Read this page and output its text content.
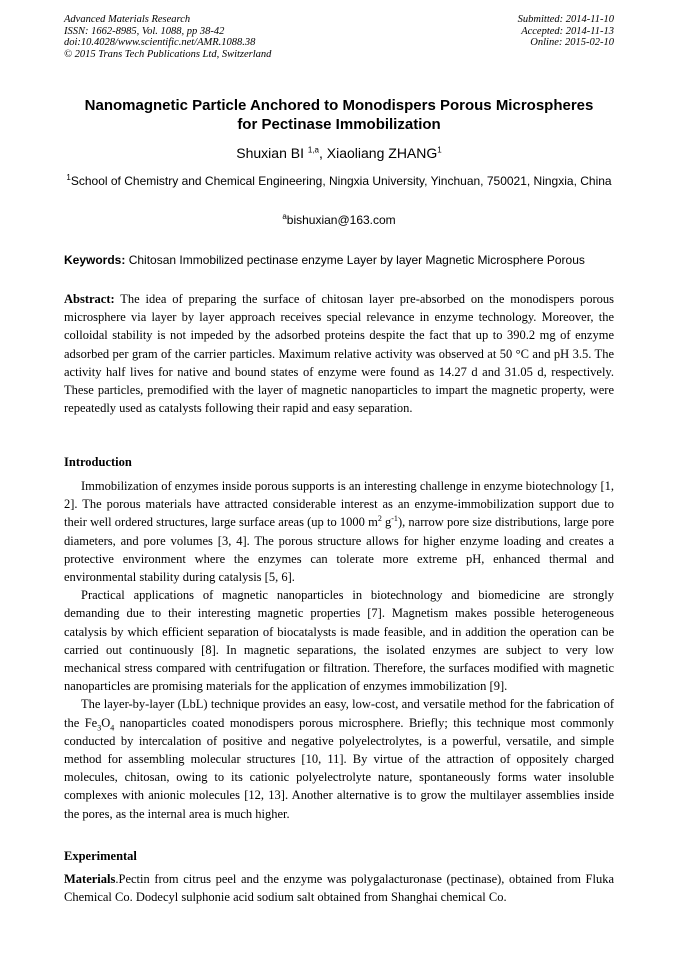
Advanced Materials Research
ISSN: 1662-8985, Vol. 1088, pp 38-42
doi:10.4028/www.scientific.net/AMR.1088.38
© 2015 Trans Tech Publications Ltd, Switzerland
Submitted: 2014-11-10
Accepted: 2014-11-13
Online: 2015-02-10
Nanomagnetic Particle Anchored to Monodispers Porous Microspheres
for Pectinase Immobilization
Shuxian BI $^{1,a}$, Xiaoliang ZHANG$^1$
$^1$School of Chemistry and Chemical Engineering, Ningxia University, Yinchuan, 750021, Ningxia, China
$^a$bishuxian@163.com
Keywords: Chitosan Immobilized pectinase enzyme Layer by layer Magnetic Microsphere Porous

Abstract: The idea of preparing the surface of chitosan layer pre-absorbed on the monodispers porous microsphere via layer by layer approach receives special relevance in enzyme technology. Moreover, the colloidal stability is not impeded by the adsorbed proteins despite the fact that up to 390.2 mg of enzyme adsorbed per gram of the carrier particles. Maximum relative activity was observed at 50 °C and pH 3.5. The activity half lives for native and bound states of enzyme were found as 14.27 d and 31.05 d, respectively. These particles, premodified with the layer of magnetic nanoparticles to impart the magnetic property, were repeatedly used as catalysts following their rapid and easy separation.

Introduction

Immobilization of enzymes inside porous supports is an interesting challenge in enzyme biotechnology [1, 2]. The porous materials have attracted considerable interest as an enzyme-immobilization support due to their well ordered structures, large surface areas (up to 1000 $m^2$ $g^{-1}$), narrow pore size distributions, large pore diameters, and pore volumes [3, 4]. The porous structure allows for higher enzyme loading and creates a protective environment where the enzymes can tolerate more extreme pH, enhanced thermal and environmental stability during catalysis [5, 6].

Practical applications of magnetic nanoparticles in biotechnology and biomedicine are strongly demanding due to their interesting magnetic properties [7]. Magnetism makes possible heterogeneous catalysis by which efficient separation of biocatalysts is made feasible, and in addition the operation can be carried out continuously [8]. In magnetic separations, the isolated enzymes are subject to very low mechanical stress compared with centrifugation or filtration. Therefore, the surfaces modified with magnetic nanoparticles are promising materials for the application of enzymes immobilization [9].

The layer-by-layer (LbL) technique provides an easy, low-cost, and versatile method for the fabrication of the $Fe_3O_4$ nanoparticles coated monodispers porous microsphere. Briefly; this technique most commonly conducted by intercalation of positive and negative polyelectrolytes, is a powerful, versatile, and simple method for assembling molecular structures [10, 11]. By virtue of the attraction of oppositely charged molecules, chitosan, owing to its cationic polyelectrolyte nature, spontaneously forms water insoluble complexes with anionic molecules [12, 13]. Another alternative is to grow the multilayer assemblies inside the pores, as the internal area is much higher.

Experimental

Materials.Pectin from citrus peel and the enzyme was polygalacturonase (pectinase), obtained from Fluka Chemical Co. Dodecyl sulphonie acid sodium salt obtained from Shanghai chemical Co.
